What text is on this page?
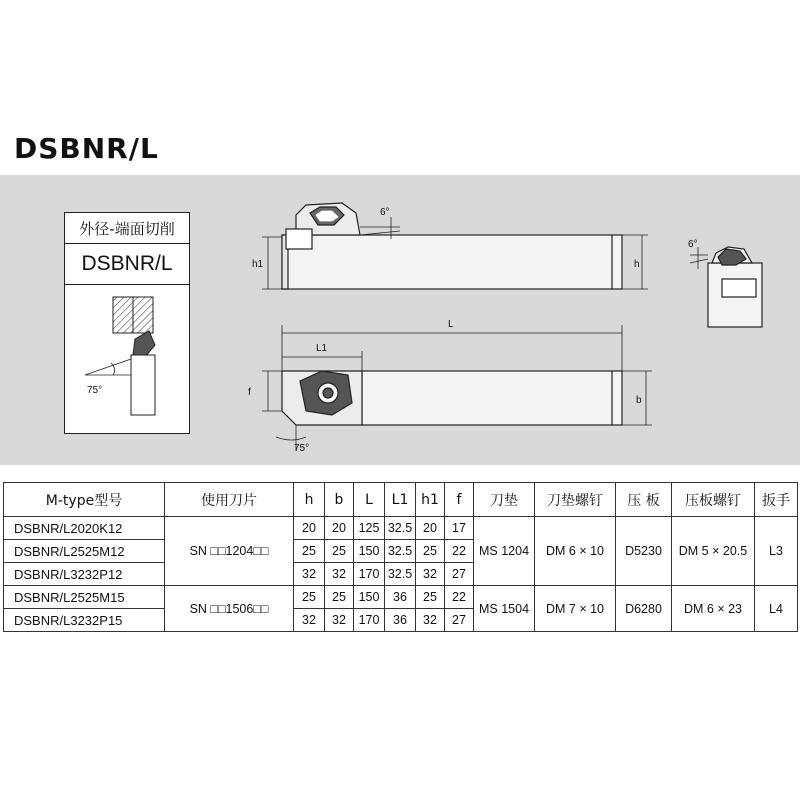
DSBNR/L
6°
h1	h
6°
L
L1
f
b
75°
外径-端面切削
DSBNR/L
75°
M-type型号	使用刀片	h	b	L	L1	h1	f	刀垫	刀垫螺钉	压 板	压板螺钉	扳手
DSBNR/L2020K12	SN □□1204□□	20	20	125	32.5	20	17	MS 1204	DM 6 × 10	D5230	DM 5 × 20.5	L3
DSBNR/L2525M12		25	25	150	32.5	25	22					
DSBNR/L3232P12		32	32	170	32.5	32	27					
DSBNR/L2525M15	SN □□1506□□	25	25	150	36	25	22	MS 1504	DM 7 × 10	D6280	DM 6 × 23	L4
DSBNR/L3232P15		32	32	170	36	32	27					
